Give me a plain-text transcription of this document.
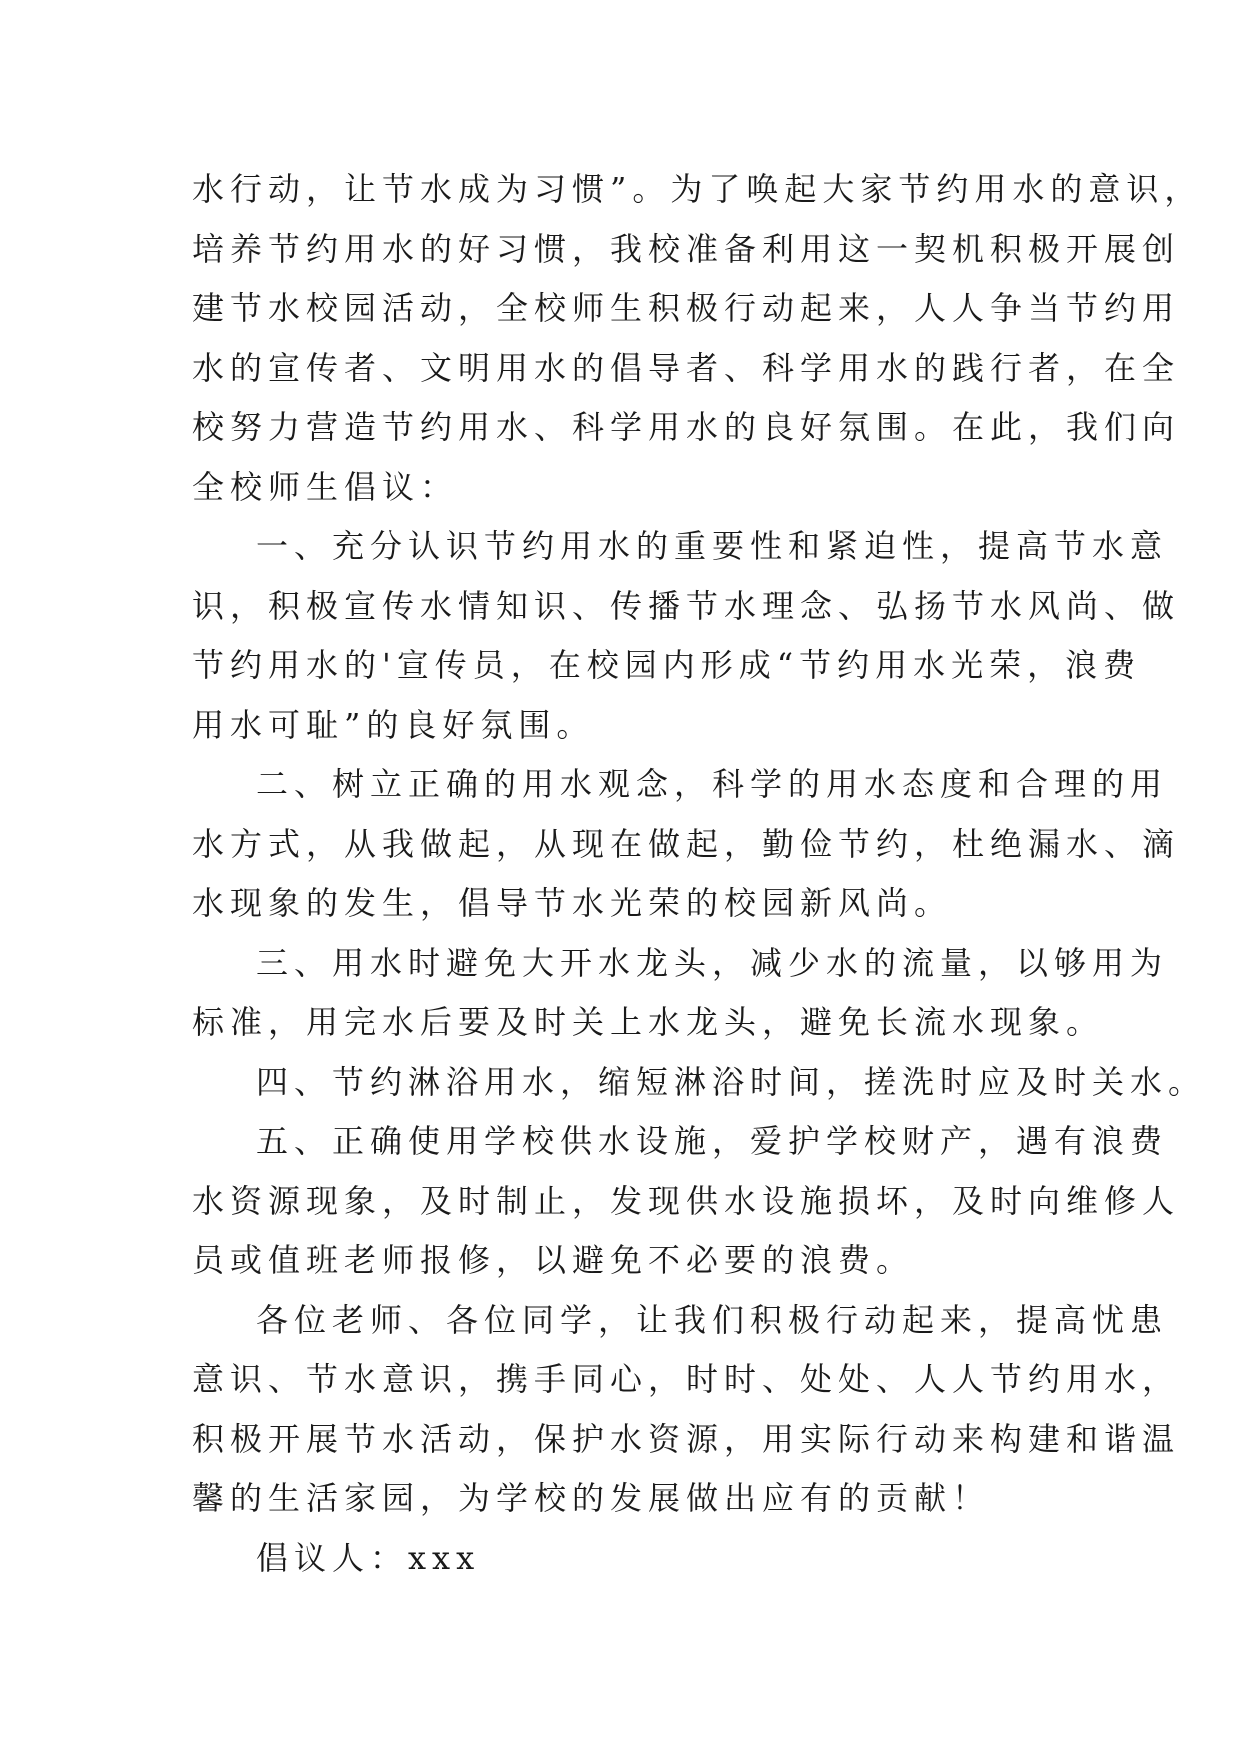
水行动，让节水成为习惯”。为了唤起大家节约用水的意识，
培养节约用水的好习惯，我校准备利用这一契机积极开展创
建节水校园活动，全校师生积极行动起来，人人争当节约用
水的宣传者、文明用水的倡导者、科学用水的践行者，在全
校努力营造节约用水、科学用水的良好氛围。在此，我们向
全校师生倡议：
一、充分认识节约用水的重要性和紧迫性，提高节水意
识，积极宣传水情知识、传播节水理念、弘扬节水风尚、做
节约用水的'宣传员，在校园内形成“节约用水光荣，浪费
用水可耻”的良好氛围。
二、树立正确的用水观念，科学的用水态度和合理的用
水方式，从我做起，从现在做起，勤俭节约，杜绝漏水、滴
水现象的发生，倡导节水光荣的校园新风尚。
三、用水时避免大开水龙头，减少水的流量，以够用为
标准，用完水后要及时关上水龙头，避免长流水现象。
四、节约淋浴用水，缩短淋浴时间，搓洗时应及时关水。
五、正确使用学校供水设施，爱护学校财产，遇有浪费
水资源现象，及时制止，发现供水设施损坏，及时向维修人
员或值班老师报修，以避免不必要的浪费。
各位老师、各位同学，让我们积极行动起来，提高忧患
意识、节水意识，携手同心，时时、处处、人人节约用水，
积极开展节水活动，保护水资源，用实际行动来构建和谐温
馨的生活家园，为学校的发展做出应有的贡献！
倡议人：xxx
